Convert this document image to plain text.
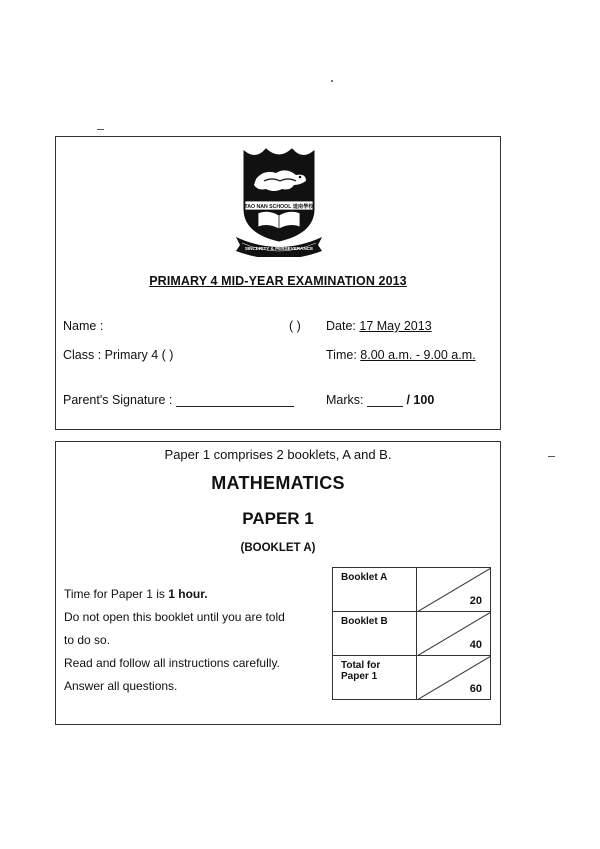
TAO NAN SCHOOL 道南學校
SINCERITY & PERSEVERANCE
PRIMARY 4 MID-YEAR EXAMINATION 2013
Name :	( ) Date: 17 May 2013
Class : Primary 4 ( )	Time: 8.00 a.m. - 9.00 a.m.
Parent's Signature :	Marks:	/ 100
Paper 1 comprises 2 booklets, A and B.
MATHEMATICS
PAPER 1
(BOOKLET A)
Time for Paper 1 is 1 hour.
Do not open this booklet until you are told
to do so.
Read and follow all instructions carefully.
Answer all questions.
Booklet A	20

Booklet B	40

Total for
Paper 1	60
